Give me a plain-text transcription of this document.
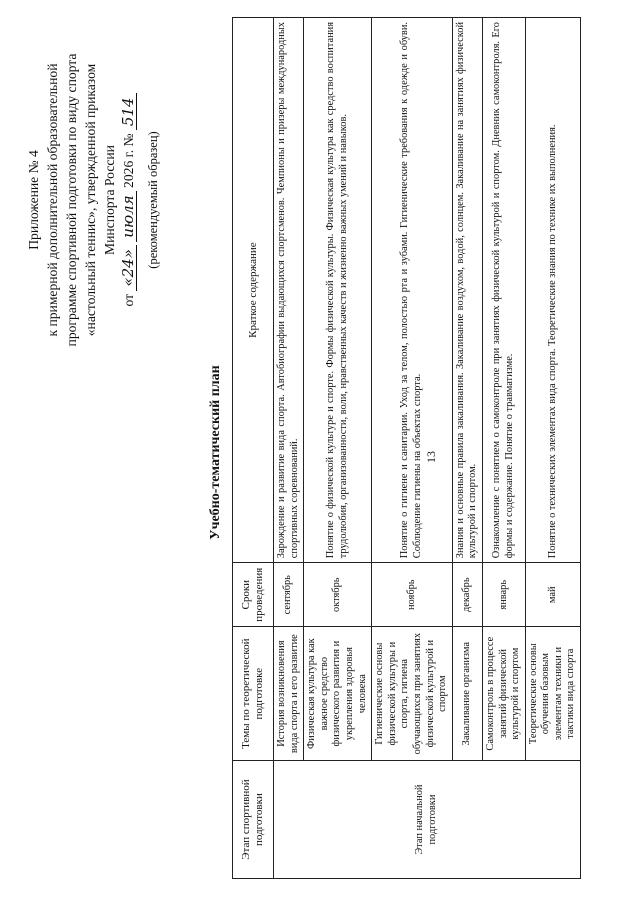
13
Приложение № 4 к примерной дополнительной образовательной программе спортивной подготовки по виду спорта «настольный теннис», утвержденной приказом Минспорта России
от «24» июля 2026 г. № 514
(рекомендуемый образец)
Учебно-тематический план
Этап спортивной подготовки	Темы по теоретической подготовке	Сроки проведения	Краткое содержание
Этап начальной подготовки	История возникновения вида спорта и его развитие	сентябрь	Зарождение и развитие вида спорта. Автобиографии выдающихся спортсменов. Чемпионы и призеры международных спортивных соревнований.
	Физическая культура как важное средство физического развития и укрепления здоровья человека	октябрь	Понятие о физической культуре и спорте. Формы физической культуры. Физическая культура как средство воспитания трудолюбия, организованности, воли, нравственных качеств и жизненно важных умений и навыков.
	Гигиенические основы физической культуры и спорта, гигиена обучающихся при занятиях физической культурой и спортом	ноябрь	Понятие о гигиене и санитарии. Уход за телом, полостью рта и зубами. Гигиенические требования к одежде и обуви. Соблюдение гигиены на объектах спорта.
	Закаливание организма	декабрь	Знания и основные правила закаливания. Закаливание воздухом, водой, солнцем. Закаливание на занятиях физической культурой и спортом.
	Самоконтроль в процессе занятий физической культурой и спортом	январь	Ознакомление с понятием о самоконтроле при занятиях физической культурой и спортом. Дневник самоконтроля. Его формы и содержание. Понятие о травматизме.
	Теоретические основы обучения базовым элементам техники и тактики вида спорта	май	Понятие о технических элементах вида спорта. Теоретические знания по технике их выполнения.
